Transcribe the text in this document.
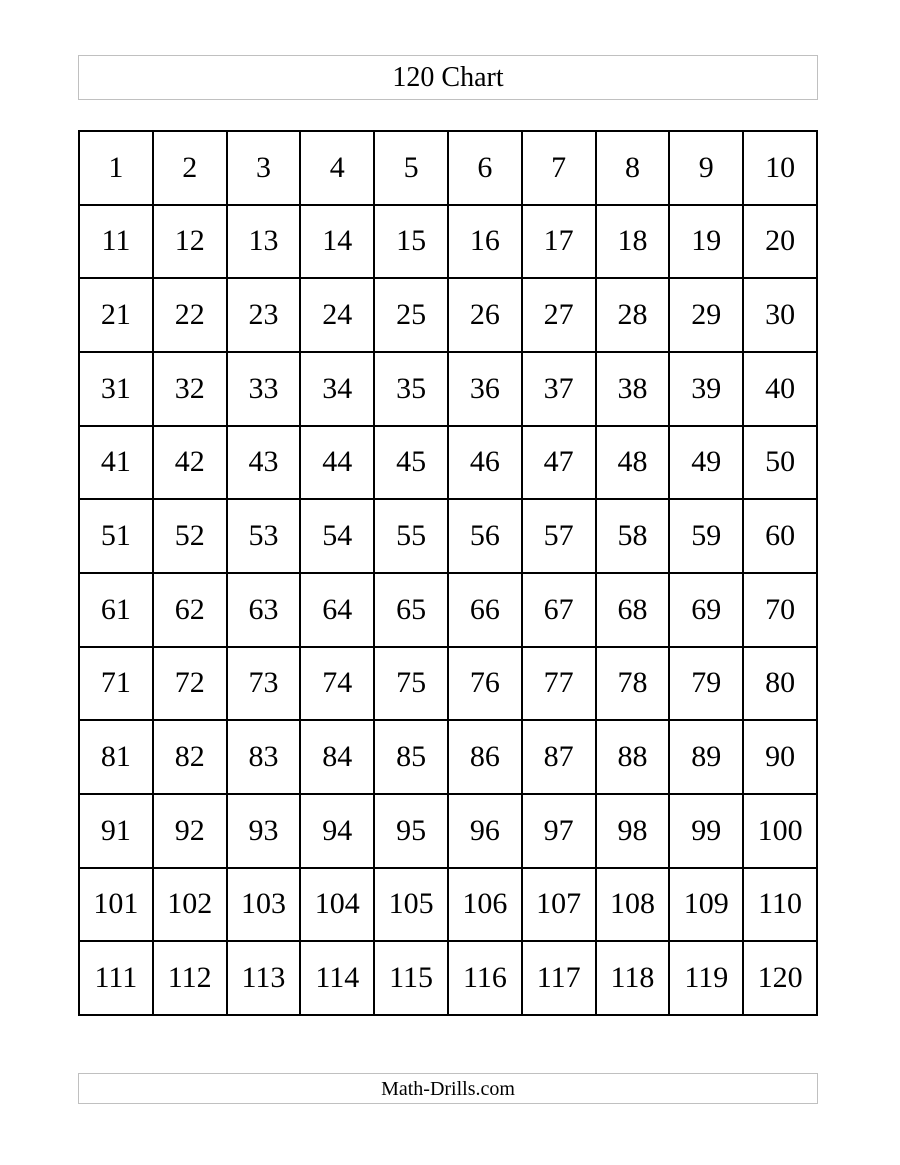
120 Chart
1	2	3	4	5	6	7	8	9	10
11	12	13	14	15	16	17	18	19	20
21	22	23	24	25	26	27	28	29	30
31	32	33	34	35	36	37	38	39	40
41	42	43	44	45	46	47	48	49	50
51	52	53	54	55	56	57	58	59	60
61	62	63	64	65	66	67	68	69	70
71	72	73	74	75	76	77	78	79	80
81	82	83	84	85	86	87	88	89	90
91	92	93	94	95	96	97	98	99	100
101	102	103	104	105	106	107	108	109	110
111	112	113	114	115	116	117	118	119	120
Math-Drills.com
